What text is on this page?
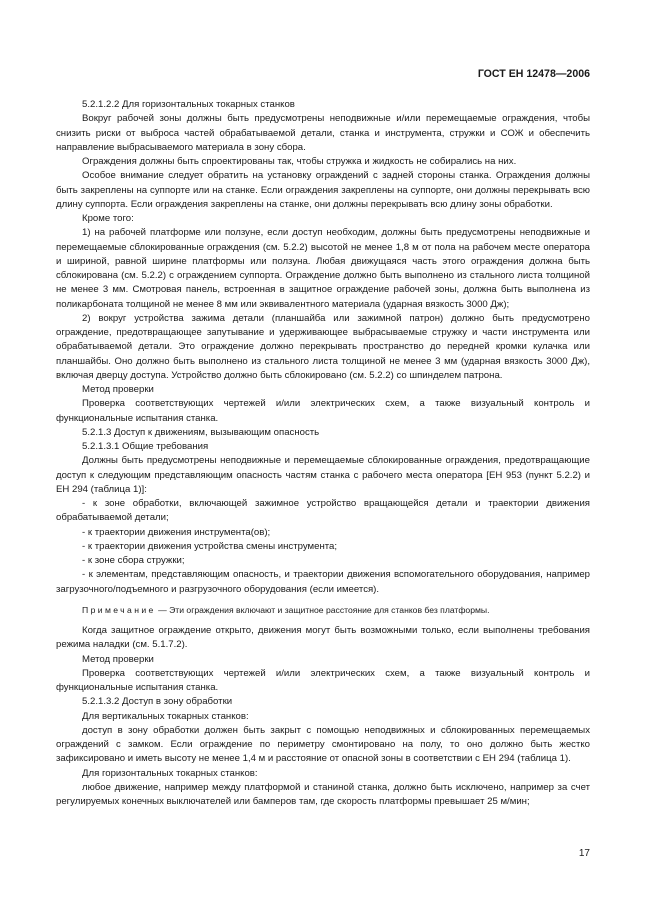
ГОСТ ЕН 12478—2006

5.2.1.2.2 Для горизонтальных токарных станков

Вокруг рабочей зоны должны быть предусмотрены неподвижные и/или перемещаемые ограждения, чтобы снизить риски от выброса частей обрабатываемой детали, станка и инструмента, стружки и СОЖ и обеспечить направление выбрасываемого материала в зону сбора.

Ограждения должны быть спроектированы так, чтобы стружка и жидкость не собирались на них.

Особое внимание следует обратить на установку ограждений с задней стороны станка. Ограждения должны быть закреплены на суппорте или на станке. Если ограждения закреплены на суппорте, они должны перекрывать всю длину суппорта. Если ограждения закреплены на станке, они должны перекрывать всю длину зоны обработки.

Кроме того:

1) на рабочей платформе или ползуне, если доступ необходим, должны быть предусмотрены неподвижные и перемещаемые сблокированные ограждения (см. 5.2.2) высотой не менее 1,8 м от пола на рабочем месте оператора и шириной, равной ширине платформы или ползуна. Любая движущаяся часть этого ограждения должна быть сблокирована (см. 5.2.2) с ограждением суппорта. Ограждение должно быть выполнено из стального листа толщиной не менее 3 мм. Смотровая панель, встроенная в защитное ограждение рабочей зоны, должна быть выполнена из поликарбоната толщиной не менее 8 мм или эквивалентного материала (ударная вязкость 3000 Дж);

2) вокруг устройства зажима детали (планшайба или зажимной патрон) должно быть предусмотрено ограждение, предотвращающее запутывание и удерживающее выбрасываемые стружку и части инструмента или обрабатываемой детали. Это ограждение должно перекрывать пространство до передней кромки кулачка или планшайбы. Оно должно быть выполнено из стального листа толщиной не менее 3 мм (ударная вязкость 3000 Дж), включая дверцу доступа. Устройство должно быть сблокировано (см. 5.2.2) со шпинделем патрона.

Метод проверки

Проверка соответствующих чертежей и/или электрических схем, а также визуальный контроль и функциональные испытания станка.

5.2.1.3 Доступ к движениям, вызывающим опасность

5.2.1.3.1 Общие требования

Должны быть предусмотрены неподвижные и перемещаемые сблокированные ограждения, предотвращающие доступ к следующим представляющим опасность частям станка с рабочего места оператора [ЕН 953 (пункт 5.2.2) и ЕН 294 (таблица 1)]:

- к зоне обработки, включающей зажимное устройство вращающейся детали и траектории движения обрабатываемой детали;

- к траектории движения инструмента(ов);

- к траектории движения устройства смены инструмента;

- к зоне сбора стружки;

- к элементам, представляющим опасность, и траектории движения вспомогательного оборудования, например загрузочного/подъемного и разгрузочного оборудования (если имеется).

Примечание — Эти ограждения включают и защитное расстояние для станков без платформы.

Когда защитное ограждение открыто, движения могут быть возможными только, если выполнены требования режима наладки (см. 5.1.7.2).

Метод проверки

Проверка соответствующих чертежей и/или электрических схем, а также визуальный контроль и функциональные испытания станка.

5.2.1.3.2 Доступ в зону обработки

Для вертикальных токарных станков:

доступ в зону обработки должен быть закрыт с помощью неподвижных и сблокированных перемещаемых ограждений с замком. Если ограждение по периметру смонтировано на полу, то оно должно быть жестко зафиксировано и иметь высоту не менее 1,4 м и расстояние от опасной зоны в соответствии с ЕН 294 (таблица 1).

Для горизонтальных токарных станков:

любое движение, например между платформой и станиной станка, должно быть исключено, например за счет регулируемых конечных выключателей или бамперов там, где скорость платформы превышает 25 м/мин;

17
